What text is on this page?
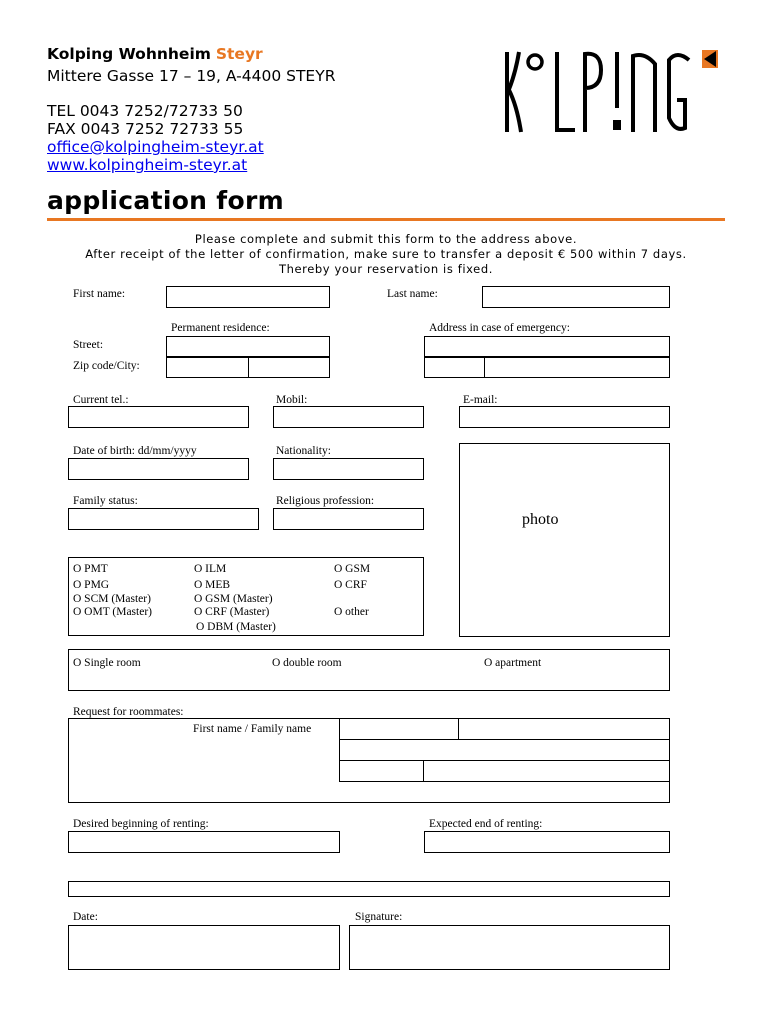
Kolping Wohnheim Steyr
Mittere Gasse 17 – 19, A-4400 STEYR
TEL 0043 7252/72733 50
FAX 0043 7252 72733 55
office@kolpingheim-steyr.at
www.kolpingheim-steyr.at
application form
Please complete and submit this form to the address above.
After receipt of the letter of confirmation, make sure to transfer a deposit € 500 within 7 days.
Thereby your reservation is fixed.
First name:	Last name:
Permanent residence:	Address in case of emergency:
Street:
Zip code/City:
Current tel.:	Mobil:	E-mail:
Date of birth: dd/mm/yyyy	Nationality:
photo
Family status:	Religious profession:
O PMT
O PMG
O SCM (Master)
O OMT (Master)
O ILM
O MEB
O GSM (Master)
O CRF (Master)
O DBM (Master)
O GSM
O CRF
O other
O Single room	O double room	O apartment
Request for roommates:
First name / Family name
Desired beginning of renting:	Expected end of renting:
Date:	Signature:
